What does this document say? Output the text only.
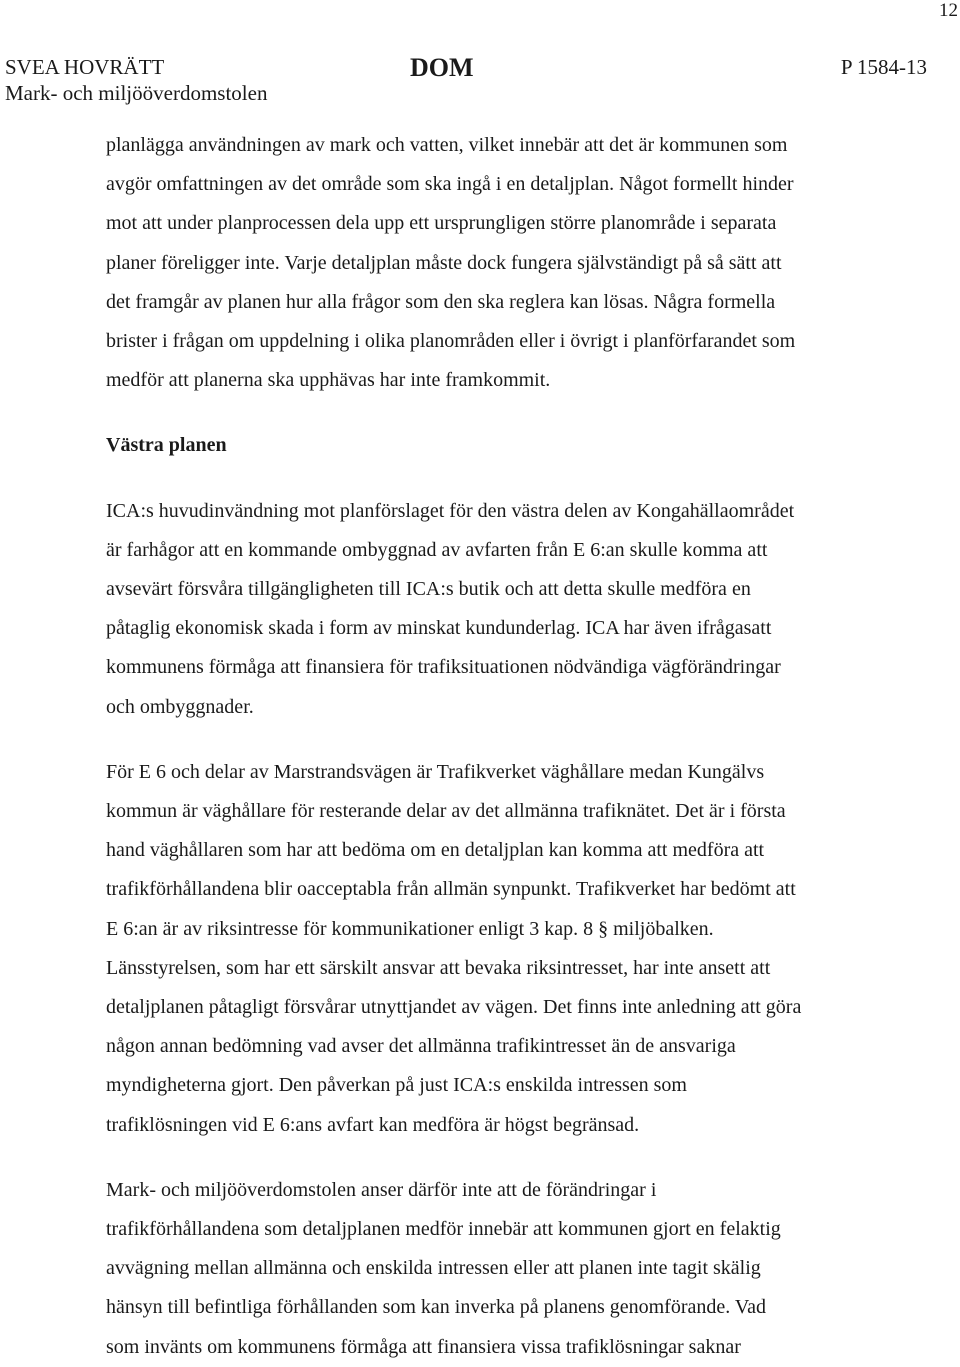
12
SVEA HOVRÄTT
Mark- och miljööverdomstolen
DOM	P 1584-13

planlägga användningen av mark och vatten, vilket innebär att det är kommunen som
avgör omfattningen av det område som ska ingå i en detaljplan. Något formellt hinder
mot att under planprocessen dela upp ett ursprungligen större planområde i separata
planer föreligger inte. Varje detaljplan måste dock fungera självständigt på så sätt att
det framgår av planen hur alla frågor som den ska reglera kan lösas. Några formella
brister i frågan om uppdelning i olika planområden eller i övrigt i planförfarandet som
medför att planerna ska upphävas har inte framkommit.

Västra planen

ICA:s huvudinvändning mot planförslaget för den västra delen av Kongahällaområdet
är farhågor att en kommande ombyggnad av avfarten från E 6:an skulle komma att
avsevärt försvåra tillgängligheten till ICA:s butik och att detta skulle medföra en
påtaglig ekonomisk skada i form av minskat kundunderlag. ICA har även ifrågasatt
kommunens förmåga att finansiera för trafiksituationen nödvändiga vägförändringar
och ombyggnader.

För E 6 och delar av Marstrandsvägen är Trafikverket väghållare medan Kungälvs
kommun är väghållare för resterande delar av det allmänna trafiknätet. Det är i första
hand väghållaren som har att bedöma om en detaljplan kan komma att medföra att
trafikförhållandena blir oacceptabla från allmän synpunkt. Trafikverket har bedömt att
E 6:an är av riksintresse för kommunikationer enligt 3 kap. 8 § miljöbalken.
Länsstyrelsen, som har ett särskilt ansvar att bevaka riksintresset, har inte ansett att
detaljplanen påtagligt försvårar utnyttjandet av vägen. Det finns inte anledning att göra
någon annan bedömning vad avser det allmänna trafikintresset än de ansvariga
myndigheterna gjort. Den påverkan på just ICA:s enskilda intressen som
trafiklösningen vid E 6:ans avfart kan medföra är högst begränsad.

Mark- och miljööverdomstolen anser därför inte att de förändringar i
trafikförhållandena som detaljplanen medför innebär att kommunen gjort en felaktig
avvägning mellan allmänna och enskilda intressen eller att planen inte tagit skälig
hänsyn till befintliga förhållanden som kan inverka på planens genomförande. Vad
som invänts om kommunens förmåga att finansiera vissa trafiklösningar saknar
